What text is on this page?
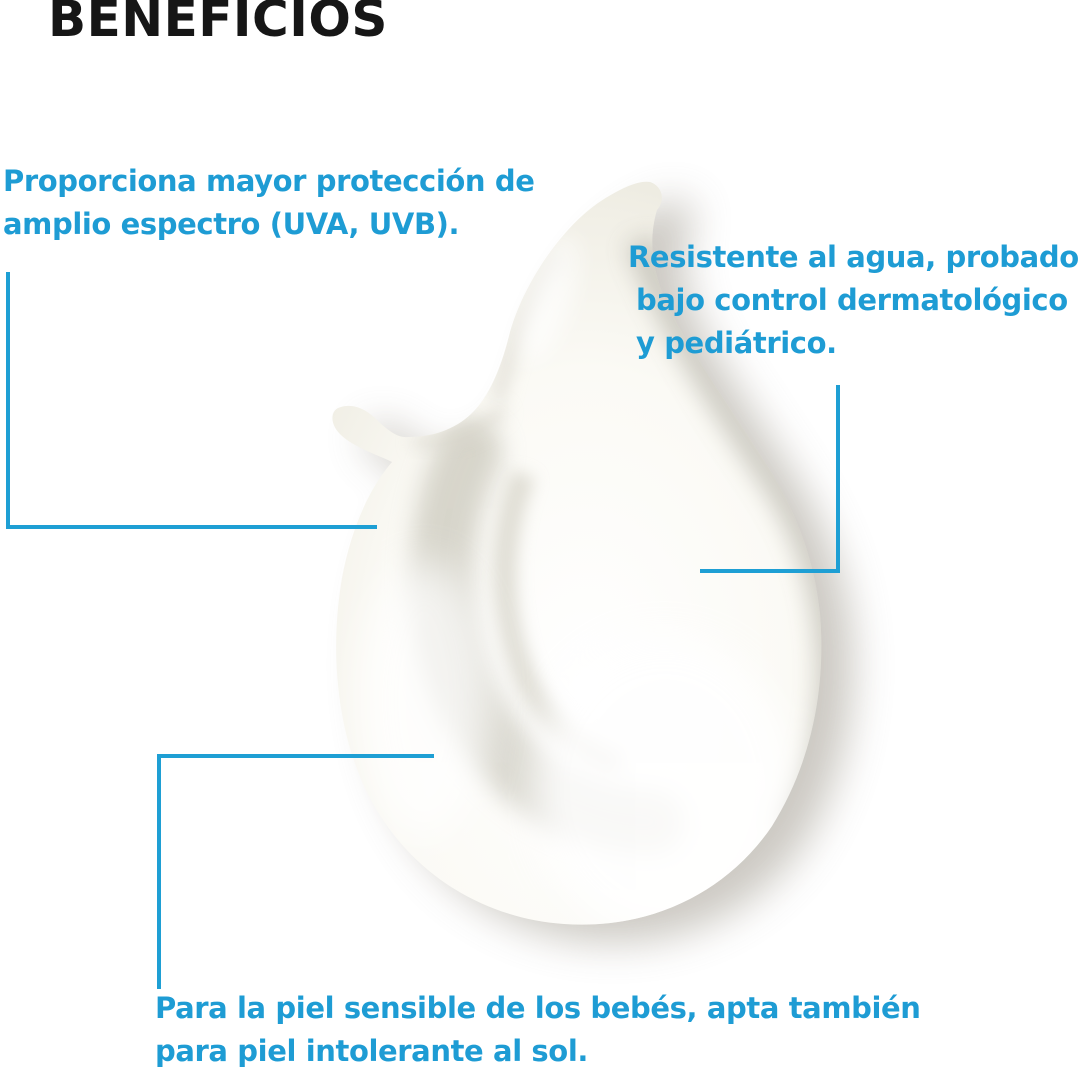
BENEFICIOS
Proporciona mayor protección de
amplio espectro (UVA, UVB).
Resistente al agua, probado
bajo control dermatológico
y pediátrico.
Para la piel sensible de los bebés, apta también
para piel intolerante al sol.
